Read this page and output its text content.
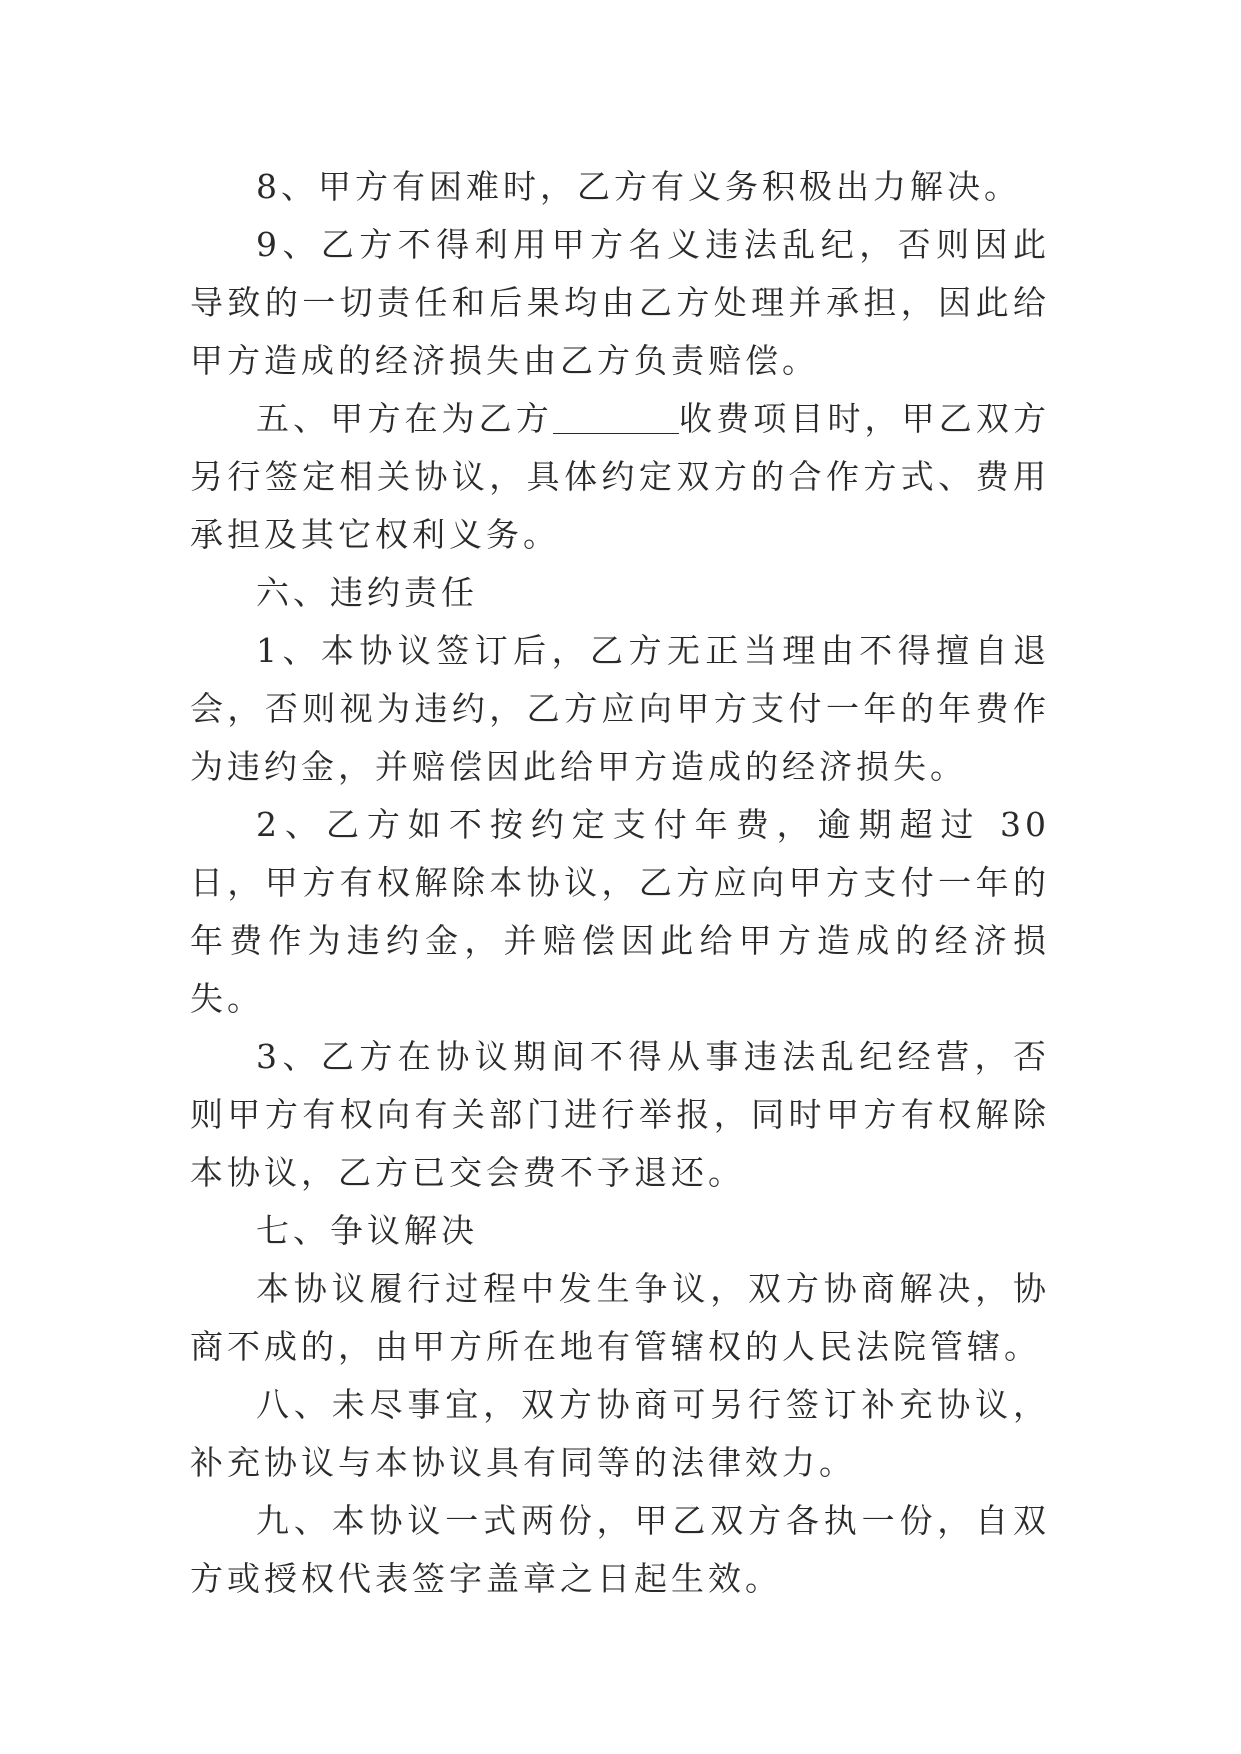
8、甲方有困难时，乙方有义务积极出力解决。

9、乙方不得利用甲方名义违法乱纪，否则因此导致的一切责任和后果均由乙方处理并承担，因此给甲方造成的经济损失由乙方负责赔偿。

五、甲方在为乙方	收费项目时，甲乙双方另行签定相关协议，具体约定双方的合作方式、费用承担及其它权利义务。

六、违约责任

1、本协议签订后，乙方无正当理由不得擅自退会，否则视为违约，乙方应向甲方支付一年的年费作为违约金，并赔偿因此给甲方造成的经济损失。

2、乙方如不按约定支付年费，逾期超过 30 日，甲方有权解除本协议，乙方应向甲方支付一年的年费作为违约金，并赔偿因此给甲方造成的经济损失。

3、乙方在协议期间不得从事违法乱纪经营，否则甲方有权向有关部门进行举报，同时甲方有权解除本协议，乙方已交会费不予退还。

七、争议解决

本协议履行过程中发生争议，双方协商解决，协商不成的，由甲方所在地有管辖权的人民法院管辖。

八、未尽事宜，双方协商可另行签订补充协议，补充协议与本协议具有同等的法律效力。

九、本协议一式两份，甲乙双方各执一份，自双方或授权代表签字盖章之日起生效。
